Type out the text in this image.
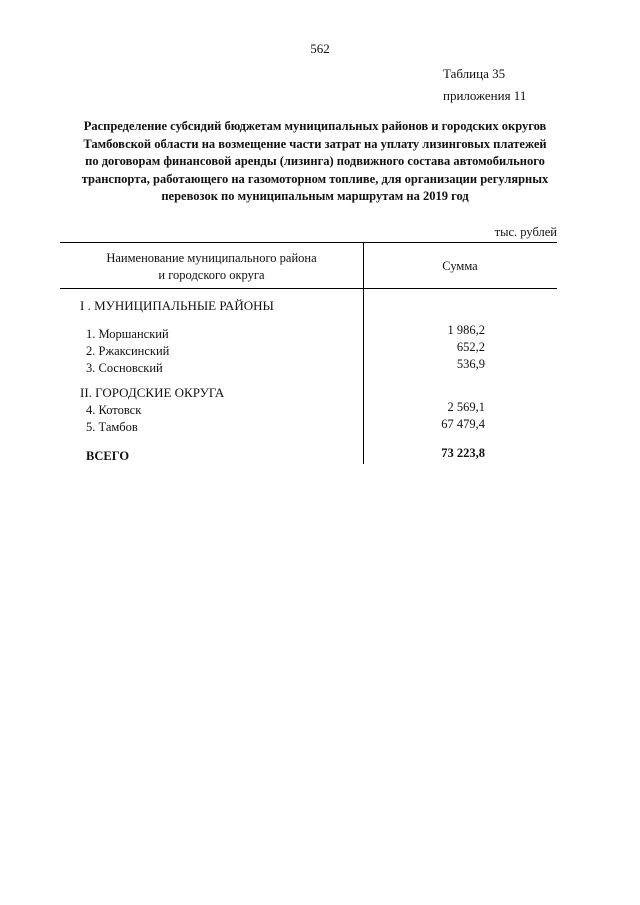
562
Таблица 35
приложения 11
Распределение субсидий бюджетам муниципальных районов и городских округов
Тамбовской области на возмещение части затрат на уплату лизинговых платежей
по договорам финансовой аренды (лизинга) подвижного состава автомобильного
транспорта, работающего на газомоторном топливе, для организации регулярных
перевозок по муниципальным маршрутам на 2019 год
тыс. рублей
Наименование муниципального района
и городского округа
Сумма
I . МУНИЦИПАЛЬНЫЕ РАЙОНЫ
1. Моршанский	1 986,2
2. Ржаксинский	652,2
3. Сосновский	536,9
II. ГОРОДСКИЕ ОКРУГА
4. Котовск	2 569,1
5. Тамбов	67 479,4
ВСЕГО	73 223,8
